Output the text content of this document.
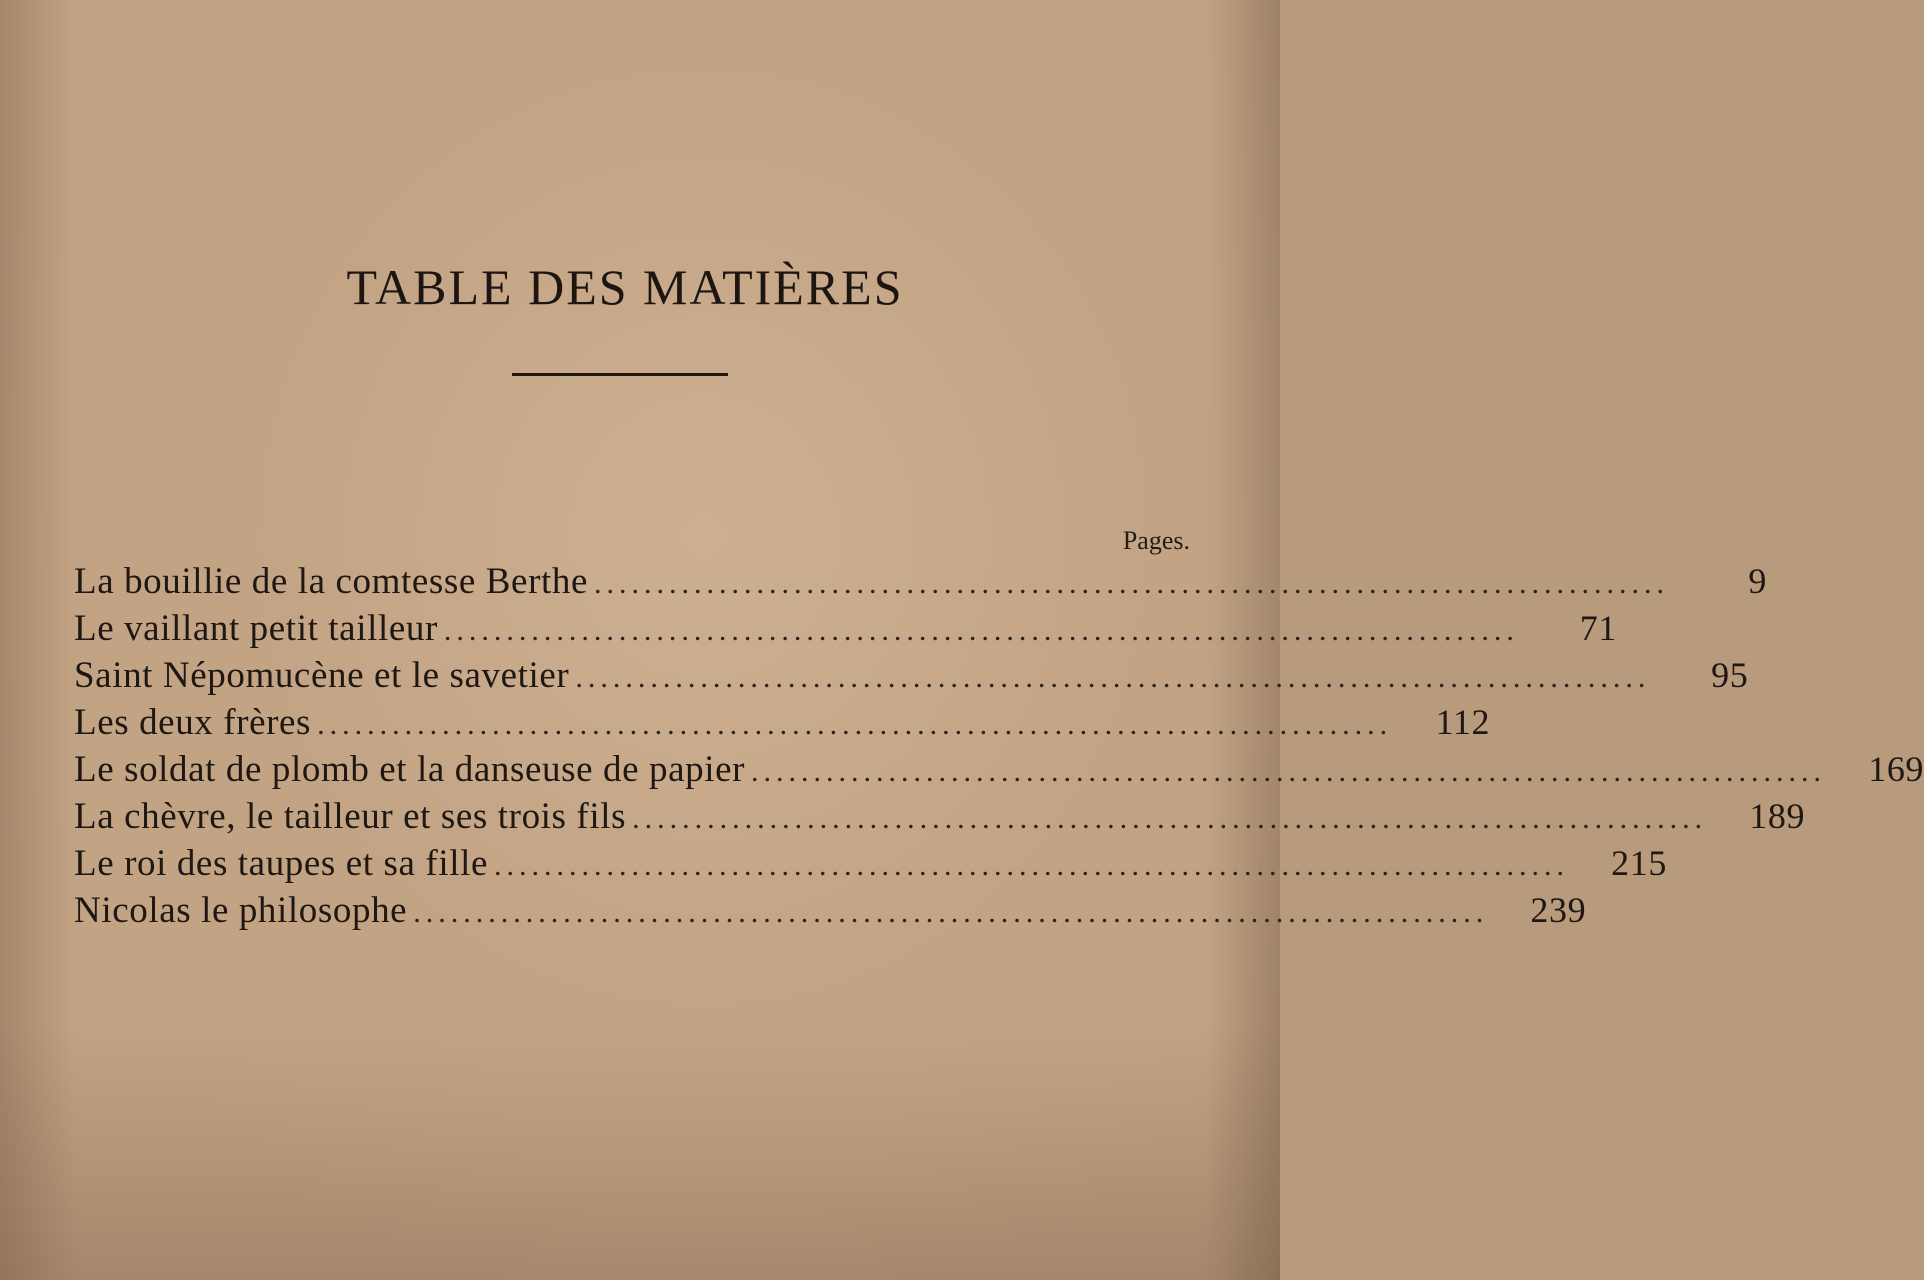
TABLE DES MATIÈRES
Pages.
La bouillie de la comtesse Berthe ......................................................................................	9
Le vaillant petit tailleur ......................................................................................	71
Saint Népomucène et le savetier ......................................................................................	95
Les deux frères ......................................................................................	112
Le soldat de plomb et la danseuse de papier ......................................................................................	169
La chèvre, le tailleur et ses trois fils ......................................................................................	189
Le roi des taupes et sa fille ......................................................................................	215
Nicolas le philosophe ......................................................................................	239
